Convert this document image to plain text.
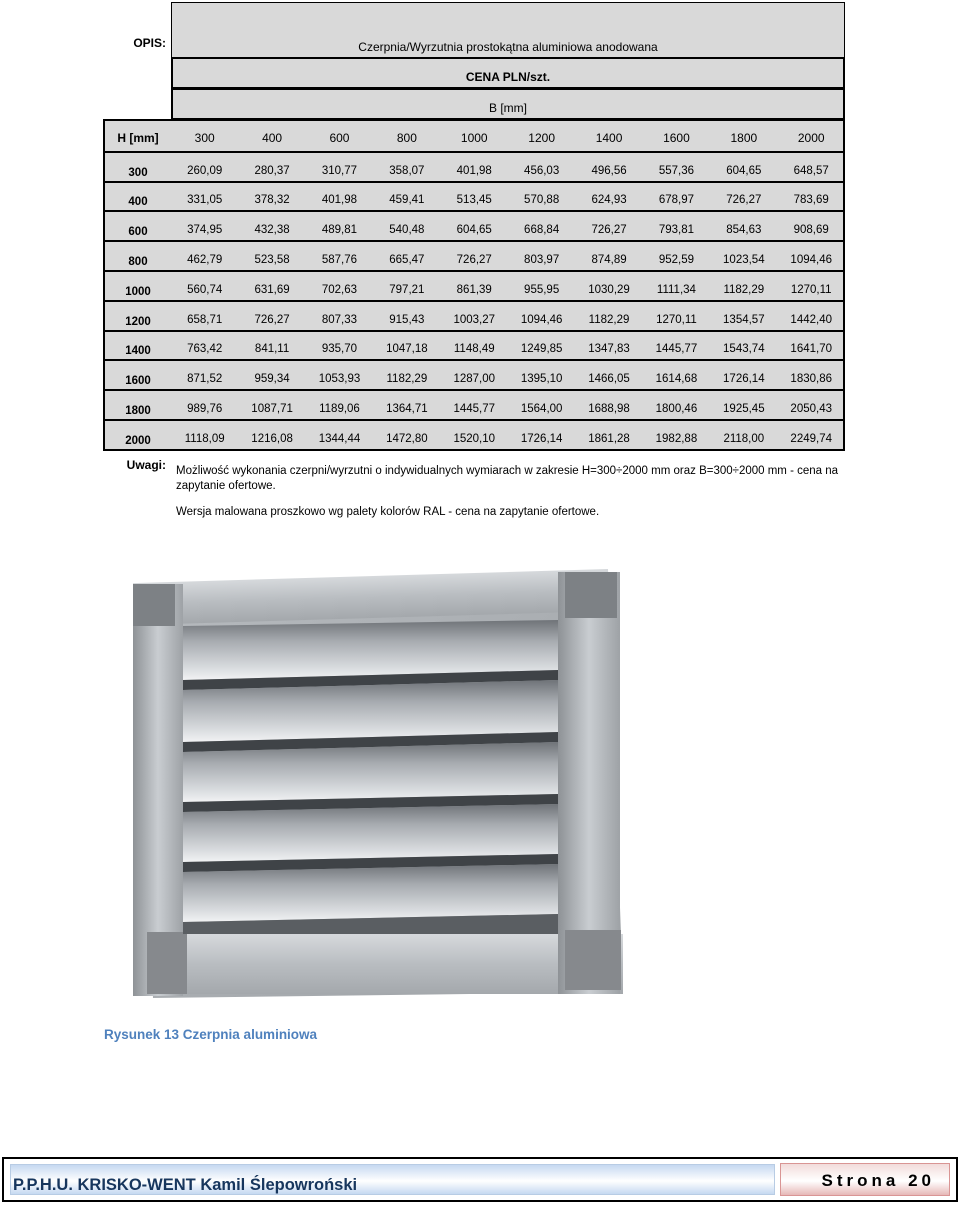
OPIS:	Czerpnia/Wyrzutnia prostokątna aluminiowa anodowana
CENA PLN/szt.
B [mm]
H [mm]	300	400	600	800	1000	1200	1400	1600	1800	2000
300	260,09	280,37	310,77	358,07	401,98	456,03	496,56	557,36	604,65	648,57
400	331,05	378,32	401,98	459,41	513,45	570,88	624,93	678,97	726,27	783,69
600	374,95	432,38	489,81	540,48	604,65	668,84	726,27	793,81	854,63	908,69
800	462,79	523,58	587,76	665,47	726,27	803,97	874,89	952,59	1023,54	1094,46
1000	560,74	631,69	702,63	797,21	861,39	955,95	1030,29	1111,34	1182,29	1270,11
1200	658,71	726,27	807,33	915,43	1003,27	1094,46	1182,29	1270,11	1354,57	1442,40
1400	763,42	841,11	935,70	1047,18	1148,49	1249,85	1347,83	1445,77	1543,74	1641,70
1600	871,52	959,34	1053,93	1182,29	1287,00	1395,10	1466,05	1614,68	1726,14	1830,86
1800	989,76	1087,71	1189,06	1364,71	1445,77	1564,00	1688,98	1800,46	1925,45	2050,43
2000	1118,09	1216,08	1344,44	1472,80	1520,10	1726,14	1861,28	1982,88	2118,00	2249,74
Uwagi: Możliwość wykonania czerpni/wyrzutni o indywidualnych wymiarach w zakresie H=300÷2000 mm oraz B=300÷2000 mm - cena na zapytanie ofertowe.
Wersja malowana proszkowo wg palety kolorów RAL - cena na zapytanie ofertowe.
Rysunek 13 Czerpnia aluminiowa
P.P.H.U. KRISKO-WENT Kamil Ślepowroński	Strona 20
